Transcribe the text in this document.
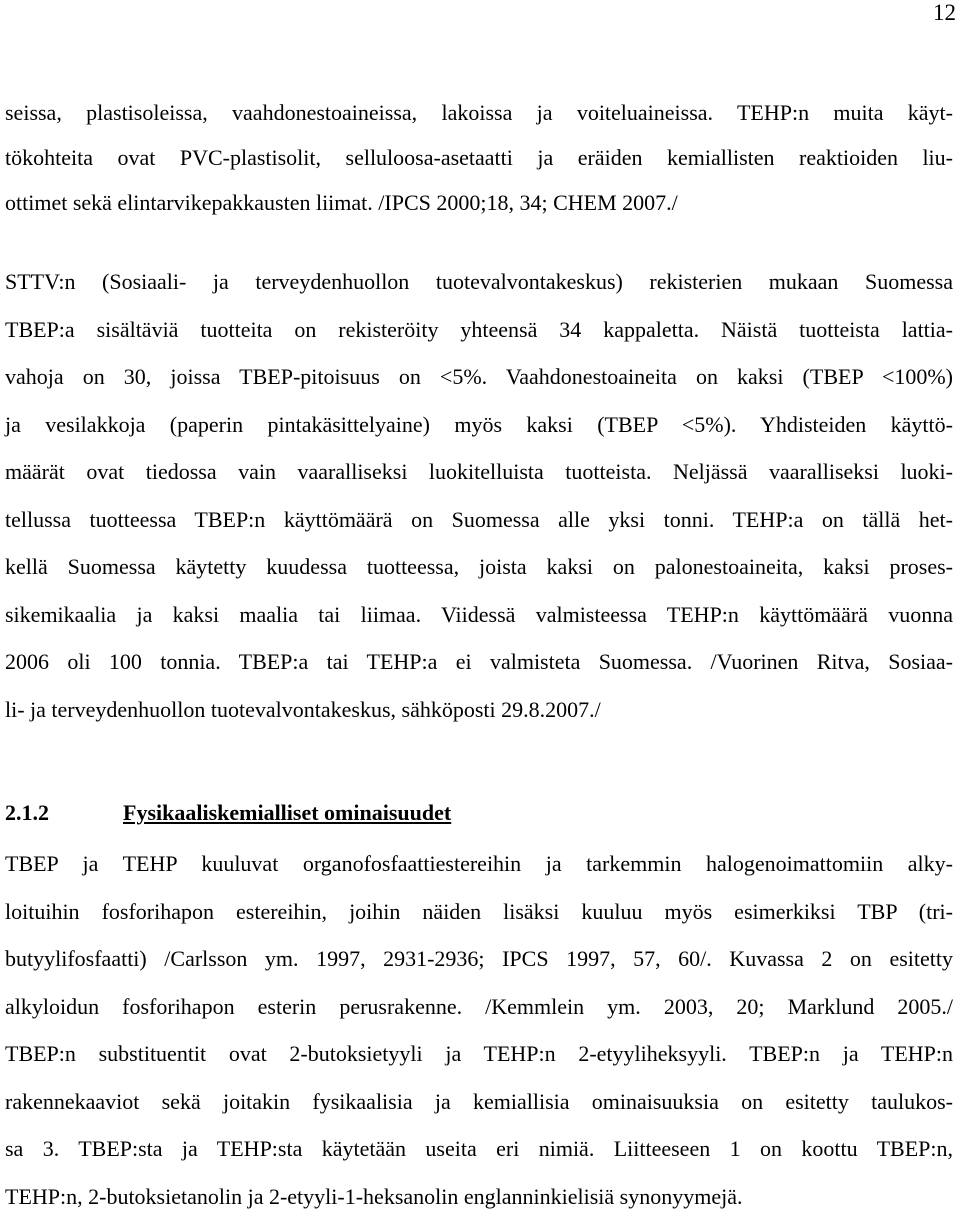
12
seissa, plastisoleissa, vaahdonestoaineissa, lakoissa ja voiteluaineissa. TEHP:n muita käyt-
tökohteita ovat PVC-plastisolit, selluloosa-asetaatti ja eräiden kemiallisten reaktioiden liu-
ottimet sekä elintarvikepakkausten liimat. /IPCS 2000;18, 34; CHEM 2007./
STTV:n (Sosiaali- ja terveydenhuollon tuotevalvontakeskus) rekisterien mukaan Suomessa
TBEP:a sisältäviä tuotteita on rekisteröity yhteensä 34 kappaletta. Näistä tuotteista lattia-
vahoja on 30, joissa TBEP-pitoisuus on <5%. Vaahdonestoaineita on kaksi (TBEP <100%)
ja vesilakkoja (paperin pintakäsittelyaine) myös kaksi (TBEP <5%). Yhdisteiden käyttö-
määrät ovat tiedossa vain vaaralliseksi luokitelluista tuotteista. Neljässä vaaralliseksi luoki-
tellussa tuotteessa TBEP:n käyttömäärä on Suomessa alle yksi tonni. TEHP:a on tällä het-
kellä Suomessa käytetty kuudessa tuotteessa, joista kaksi on palonestoaineita, kaksi proses-
sikemikaalia ja kaksi maalia tai liimaa. Viidessä valmisteessa TEHP:n käyttömäärä vuonna
2006 oli 100 tonnia. TBEP:a tai TEHP:a ei valmisteta Suomessa. /Vuorinen Ritva, Sosiaa-
li- ja terveydenhuollon tuotevalvontakeskus, sähköposti 29.8.2007./
2.1.2	Fysikaaliskemialliset ominaisuudet
TBEP ja TEHP kuuluvat organofosfaattiestereihin ja tarkemmin halogenoimattomiin alky-
loituihin fosforihapon estereihin, joihin näiden lisäksi kuuluu myös esimerkiksi TBP (tri-
butyylifosfaatti) /Carlsson ym. 1997, 2931-2936; IPCS 1997, 57, 60/. Kuvassa 2 on esitetty
alkyloidun fosforihapon esterin perusrakenne. /Kemmlein ym. 2003, 20; Marklund 2005./
TBEP:n substituentit ovat 2-butoksietyyli ja TEHP:n 2-etyyliheksyyli. TBEP:n ja TEHP:n
rakennekaaviot sekä joitakin fysikaalisia ja kemiallisia ominaisuuksia on esitetty taulukos-
sa 3. TBEP:sta ja TEHP:sta käytetään useita eri nimiä. Liitteeseen 1 on koottu TBEP:n,
TEHP:n, 2-butoksietanolin ja 2-etyyli-1-heksanolin englanninkielisiä synonyymejä.
